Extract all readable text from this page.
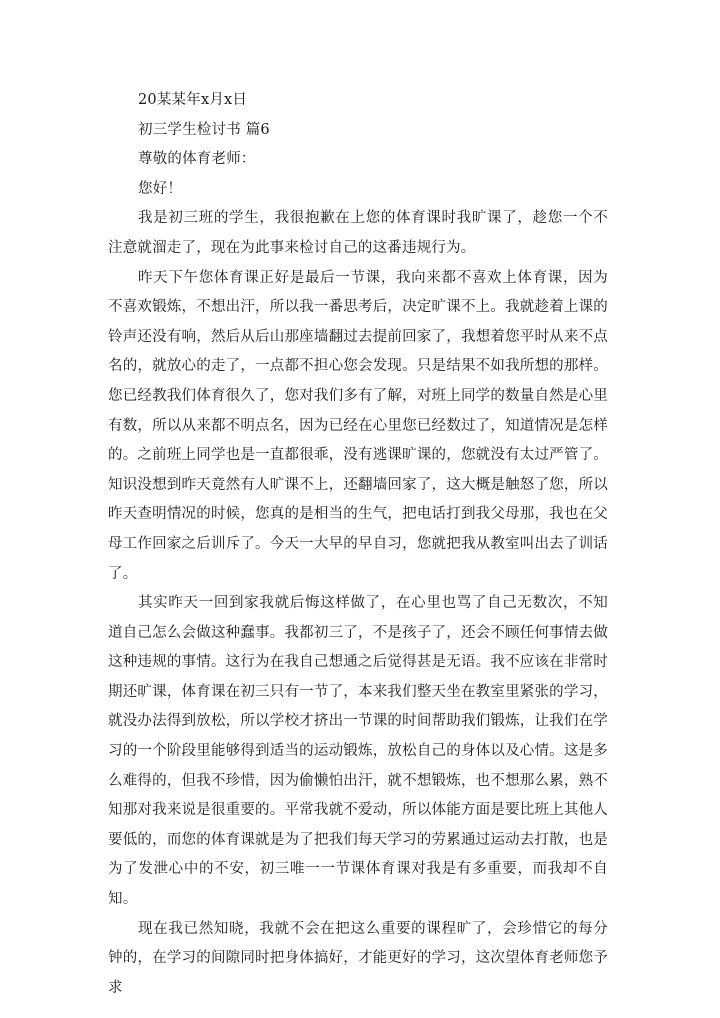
20某某年x月x日
初三学生检讨书 篇6
尊敬的体育老师：
您好！

我是初三班的学生，我很抱歉在上您的体育课时我旷课了，趁您一个不注意就溜走了，现在为此事来检讨自己的这番违规行为。

昨天下午您体育课正好是最后一节课，我向来都不喜欢上体育课，因为不喜欢锻炼，不想出汗，所以我一番思考后，决定旷课不上。我就趁着上课的铃声还没有响，然后从后山那座墙翻过去提前回家了，我想着您平时从来不点名的，就放心的走了，一点都不担心您会发现。只是结果不如我所想的那样。您已经教我们体育很久了，您对我们多有了解，对班上同学的数量自然是心里有数，所以从来都不明点名，因为已经在心里您已经数过了，知道情况是怎样的。之前班上同学也是一直都很乖，没有逃课旷课的，您就没有太过严管了。知识没想到昨天竟然有人旷课不上，还翻墙回家了，这大概是触怒了您，所以昨天查明情况的时候，您真的是相当的生气，把电话打到我父母那，我也在父母工作回家之后训斥了。今天一大早的早自习，您就把我从教室叫出去了训话了。

其实昨天一回到家我就后悔这样做了，在心里也骂了自己无数次，不知道自己怎么会做这种蠢事。我都初三了，不是孩子了，还会不顾任何事情去做这种违规的事情。这行为在我自己想通之后觉得甚是无语。我不应该在非常时期还旷课，体育课在初三只有一节了，本来我们整天坐在教室里紧张的学习，就没办法得到放松，所以学校才挤出一节课的时间帮助我们锻炼，让我们在学习的一个阶段里能够得到适当的运动锻炼，放松自己的身体以及心情。这是多么难得的，但我不珍惜，因为偷懒怕出汗，就不想锻炼，也不想那么累，熟不知那对我来说是很重要的。平常我就不爱动，所以体能方面是要比班上其他人要低的，而您的体育课就是为了把我们每天学习的劳累通过运动去打散，也是为了发泄心中的不安，初三唯一一节课体育课对我是有多重要，而我却不自知。

现在我已然知晓，我就不会在把这么重要的课程旷了，会珍惜它的每分钟的，在学习的间隙同时把身体搞好，才能更好的学习，这次望体育老师您予求
